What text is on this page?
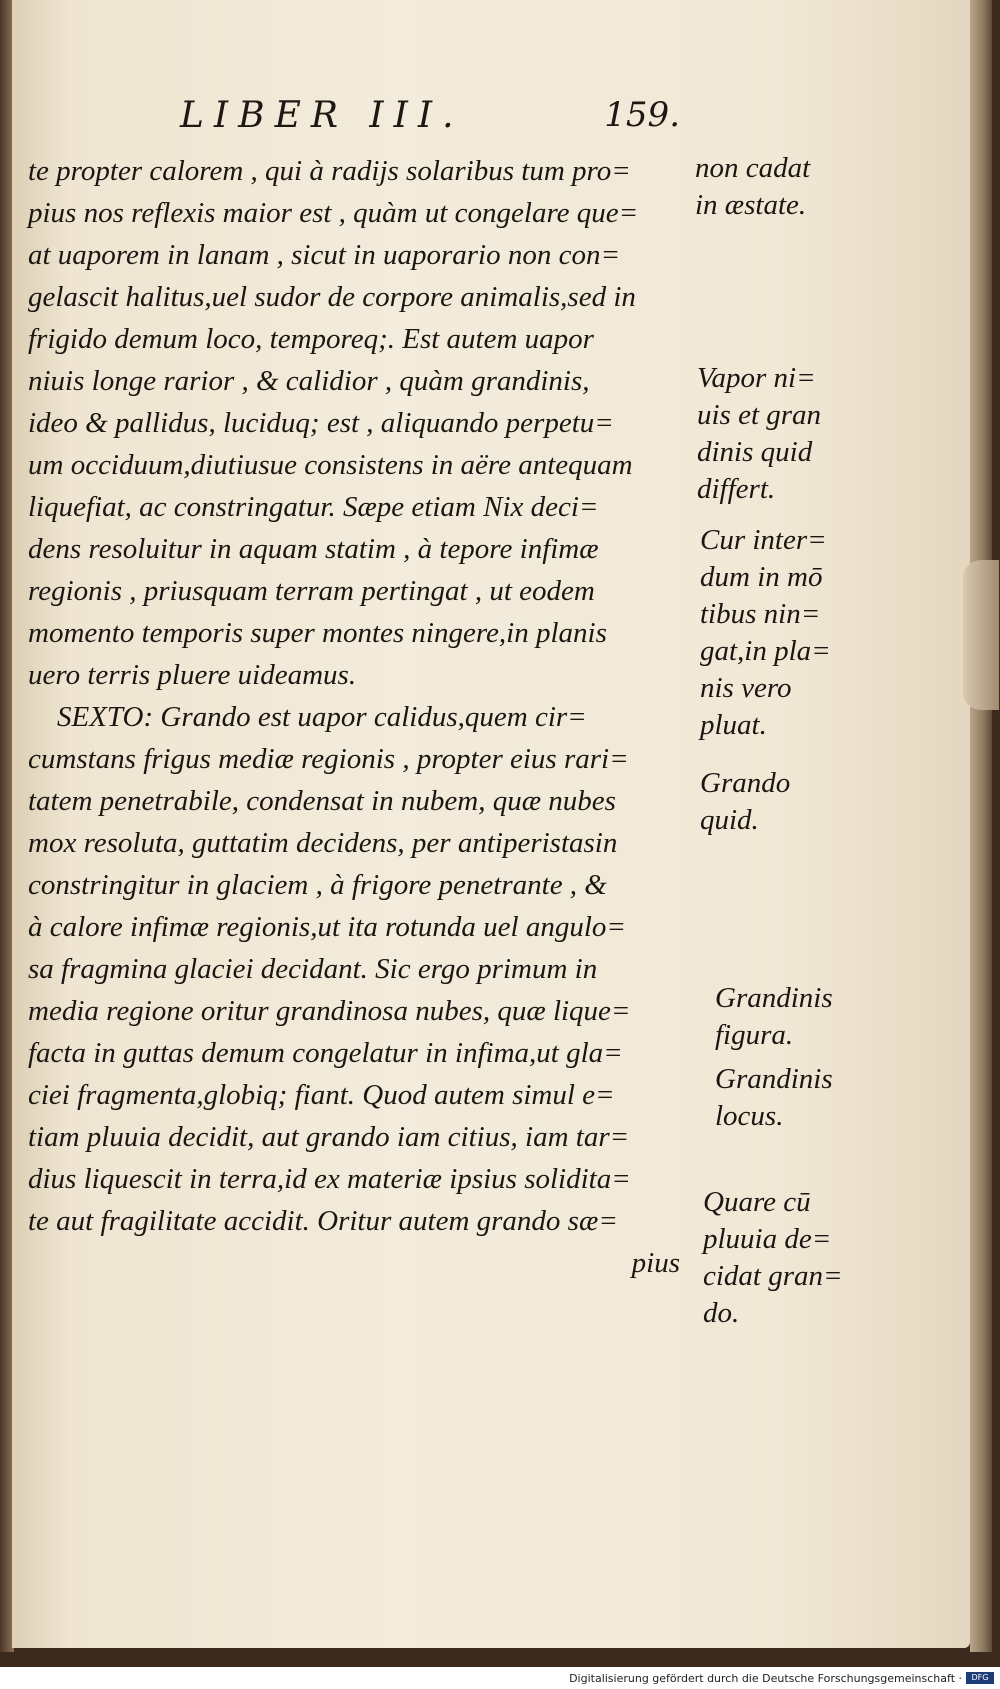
LIBER III.	159.
te propter calorem , qui à radijs solaribus tum pro=
pius nos reflexis maior est , quàm ut congelare que=
at uaporem in lanam , sicut in uaporario non con=
gelascit halitus,uel sudor de corpore animalis,sed in
frigido demum loco, temporeq;. Est autem uapor
niuis longe rarior , & calidior , quàm grandinis,
ideo & pallidus, luciduq; est , aliquando perpetu=
um occiduum,diutiusue consistens in aëre antequam
liquefiat, ac constringatur. Sæpe etiam Nix deci=
dens resoluitur in aquam statim , à tepore infimæ
regionis , priusquam terram pertingat , ut eodem
momento temporis super montes ningere,in planis
uero terris pluere uideamus.
SEXTO: Grando est uapor calidus,quem cir=
cumstans frigus mediæ regionis , propter eius rari=
tatem penetrabile, condensat in nubem, quæ nubes
mox resoluta, guttatim decidens, per antiperistasin
constringitur in glaciem , à frigore penetrante , &
à calore infimæ regionis,ut ita rotunda uel angulo=
sa fragmina glaciei decidant. Sic ergo primum in
media regione oritur grandinosa nubes, quæ lique=
facta in guttas demum congelatur in infima,ut gla=
ciei fragmenta,globiq; fiant. Quod autem simul e=
tiam pluuia decidit, aut grando iam citius, iam tar=
dius liquescit in terra,id ex materiæ ipsius solidita=
te aut fragilitate accidit. Oritur autem grando sæ=
pius
non cadat
in æstate.
Vapor ni=
uis et gran
dinis quid
differt.
Cur inter=
dum in mō
tibus nin=
gat,in pla=
nis vero
pluat.
Grando
quid.
Grandinis
figura.
Grandinis
locus.
Quare cū
pluuia de=
cidat gran=
do.
Digitalisierung gefördert durch die Deutsche Forschungsgemeinschaft ·	DFG
